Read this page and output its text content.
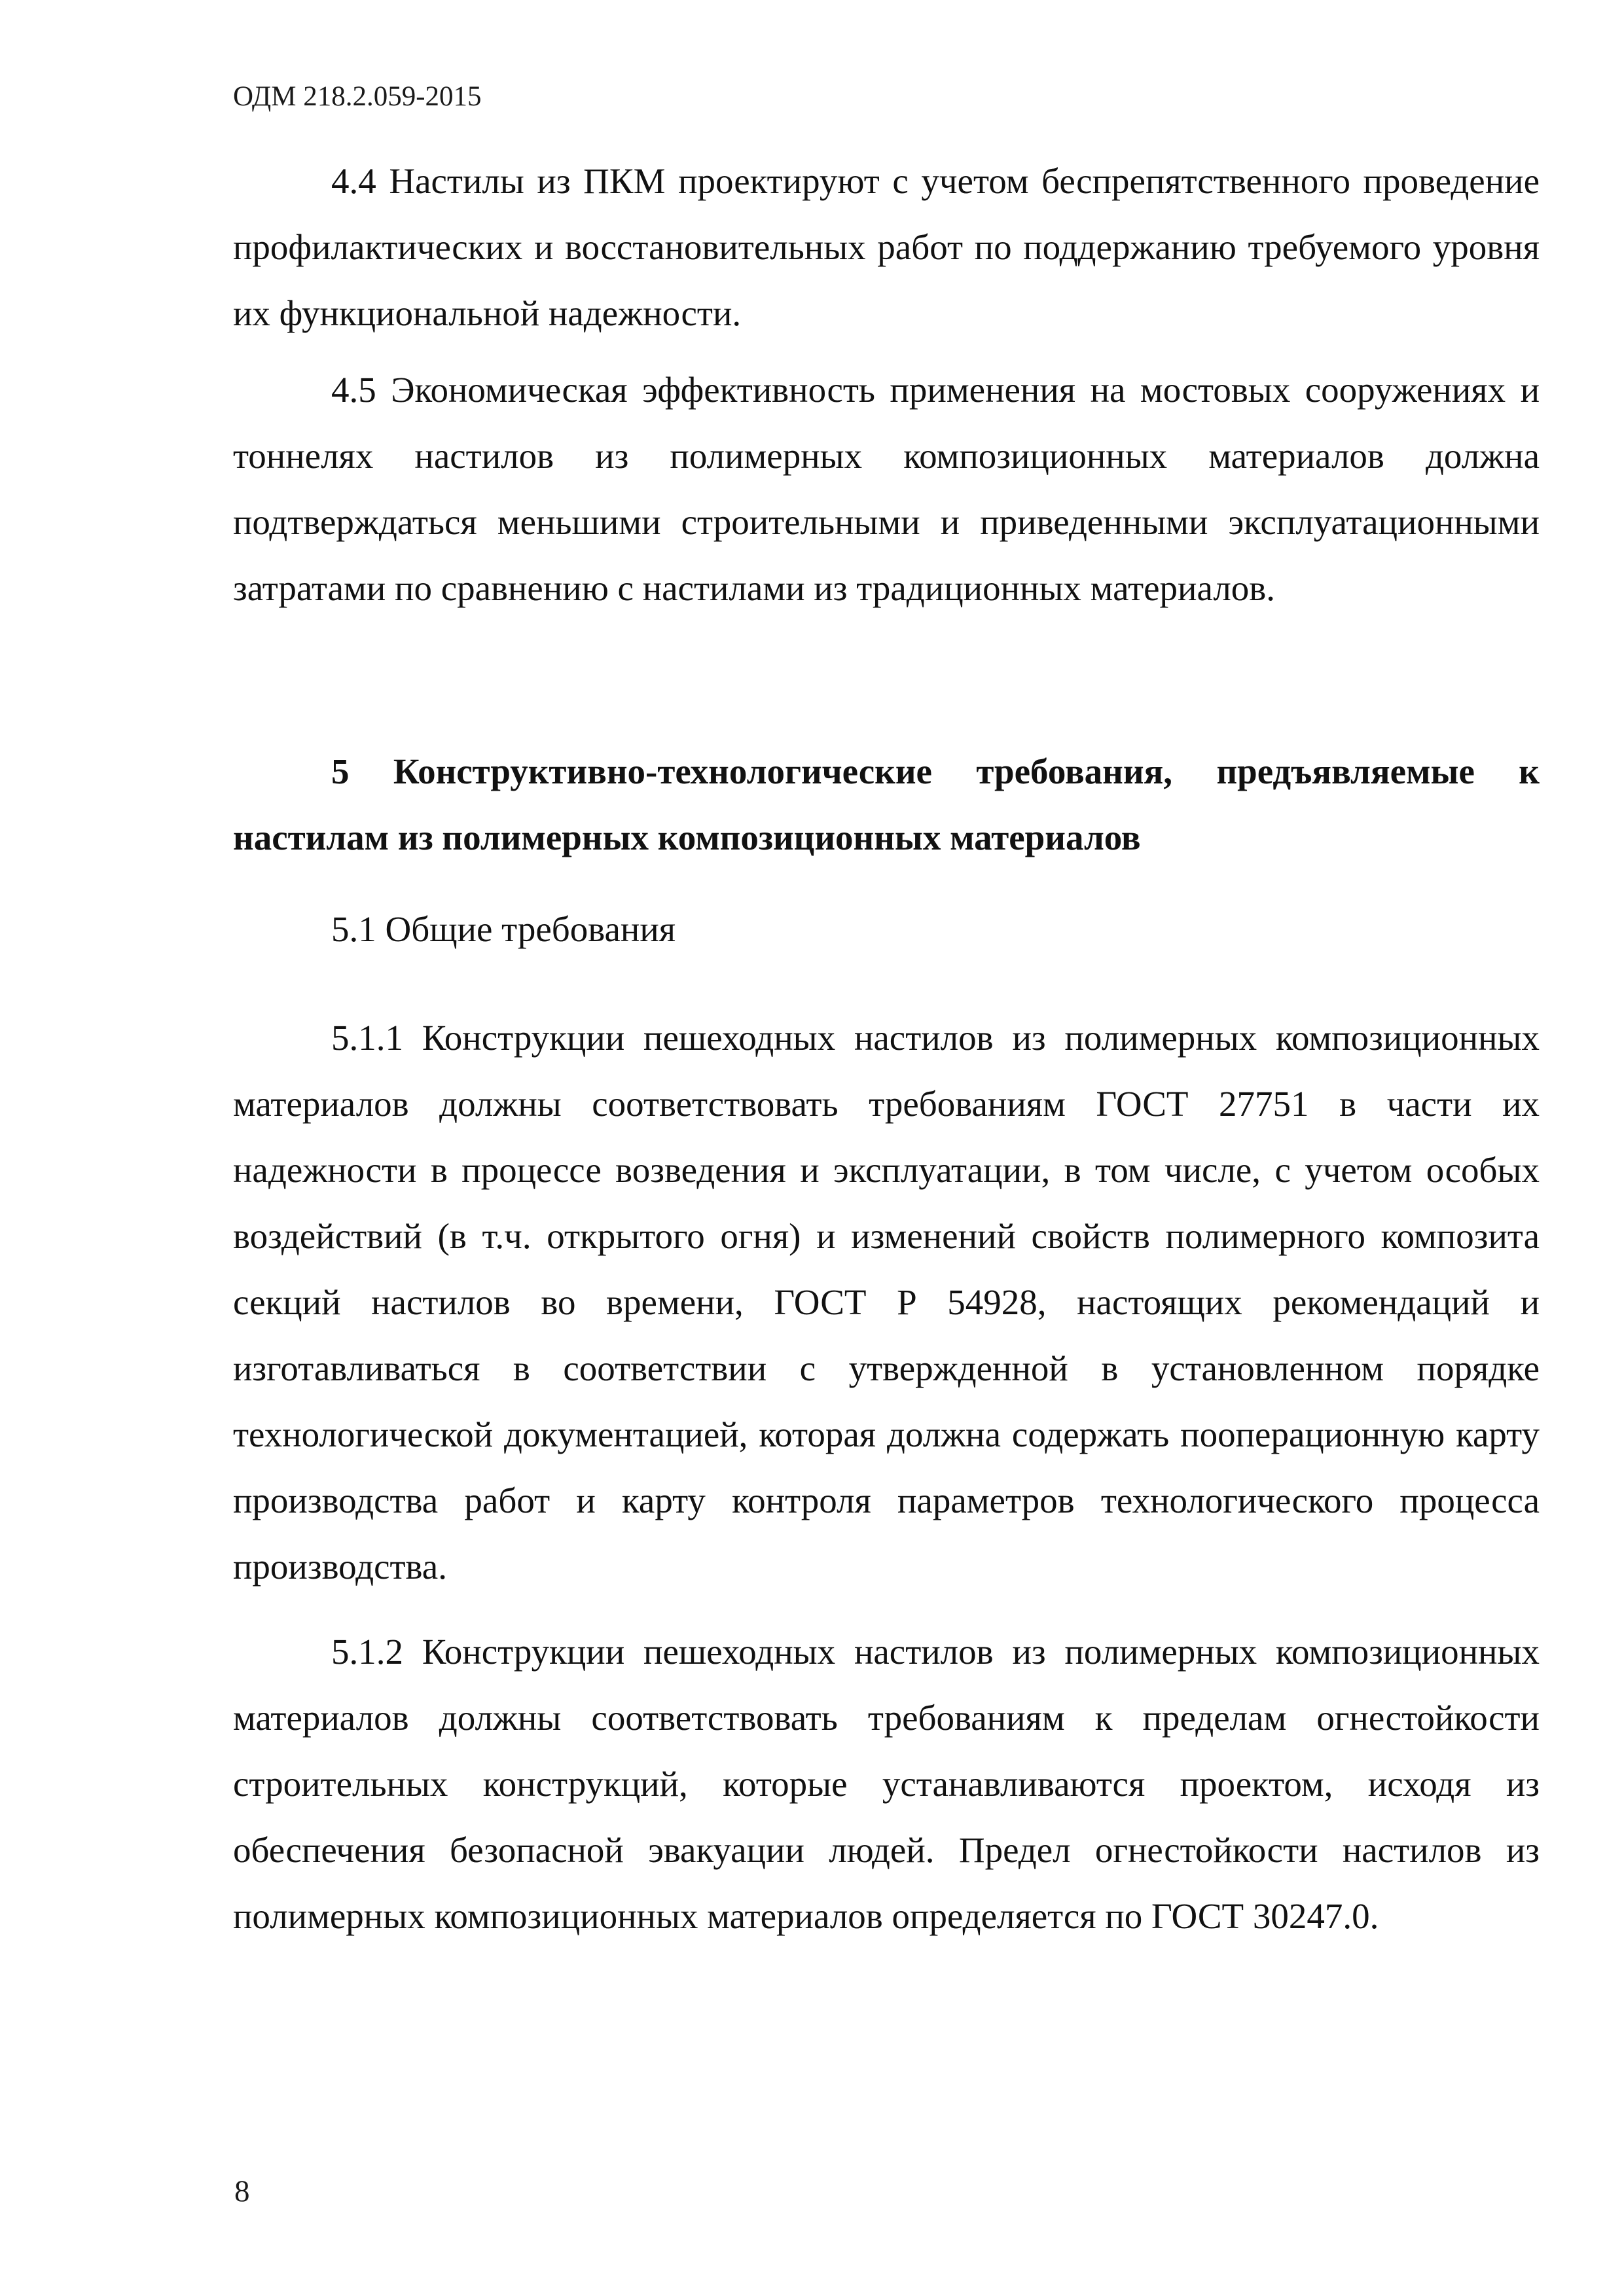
ОДМ 218.2.059-2015

4.4 Настилы из ПКМ проектируют с учетом беспрепятственного проведение профилактических и восстановительных работ по поддержанию требуемого уровня их функциональной надежности.

4.5 Экономическая эффективность применения на мостовых сооружениях и тоннелях настилов из полимерных композиционных материалов должна подтверждаться меньшими строительными и приведенными эксплуатационными затратами по сравнению с настилами из традиционных материалов.

5 Конструктивно-технологические требования, предъявляемые к настилам из полимерных композиционных материалов

5.1 Общие требования

5.1.1 Конструкции пешеходных настилов из полимерных композиционных материалов должны соответствовать требованиям ГОСТ 27751 в части их надежности в процессе возведения и эксплуатации, в том числе, с учетом особых воздействий (в т.ч. открытого огня) и изменений свойств полимерного композита секций настилов во времени, ГОСТ Р 54928, настоящих рекомендаций и изготавливаться в соответствии с утвержденной в установленном порядке технологической документацией, которая должна содержать пооперационную карту производства работ и карту контроля параметров технологического процесса производства.

5.1.2 Конструкции пешеходных настилов из полимерных композиционных материалов должны соответствовать требованиям к пределам огнестойкости строительных конструкций, которые устанавливаются проектом, исходя из обеспечения безопасной эвакуации людей. Предел огнестойкости настилов из полимерных композиционных материалов определяется по ГОСТ 30247.0.

8
